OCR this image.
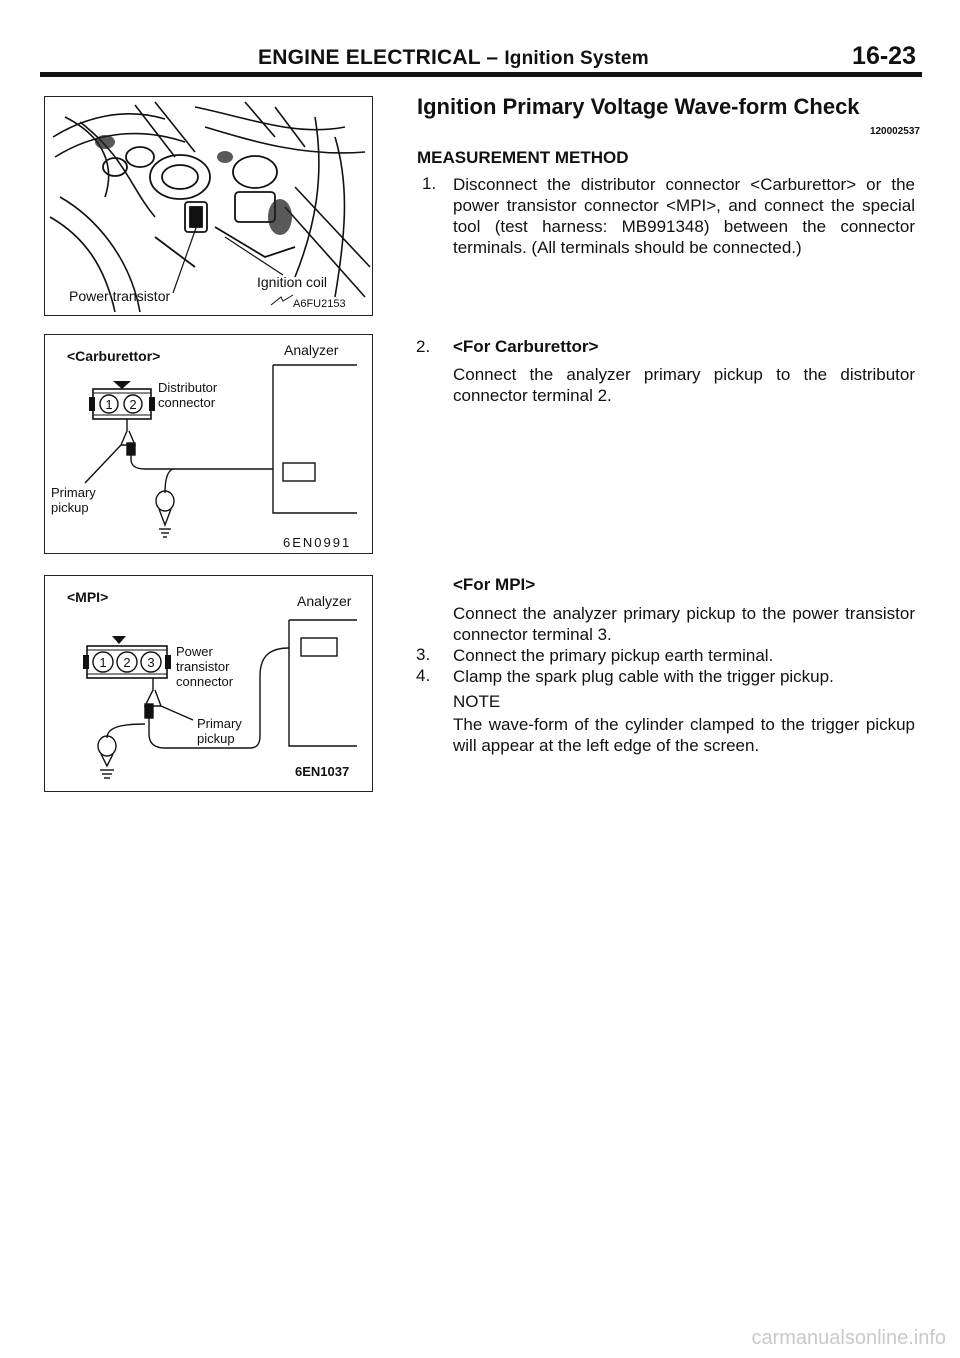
ENGINE ELECTRICAL – Ignition System	16-23
Power transistor
Ignition coil
A6FU2153
<Carburettor>	Analyzer
1 2
Distributor
connector
Primary
pickup
6EN0991
<MPI>	Analyzer
1 2 3
Power
transistor
connector
Primary
pickup
6EN1037
Ignition Primary Voltage Wave-form Check
120002537
MEASUREMENT METHOD
1. Disconnect the distributor connector <Carburettor> or the power transistor connector <MPI>, and connect the special tool (test harness: MB991348) between the connector terminals. (All terminals should be connected.)
2. <For Carburettor>
Connect the analyzer primary pickup to the distributor connector terminal 2.
<For MPI>
Connect the analyzer primary pickup to the power transistor connector terminal 3.
3. Connect the primary pickup earth terminal.
4. Clamp the spark plug cable with the trigger pickup.
NOTE
The wave-form of the cylinder clamped to the trigger pickup will appear at the left edge of the screen.
carmanualsonline.info
